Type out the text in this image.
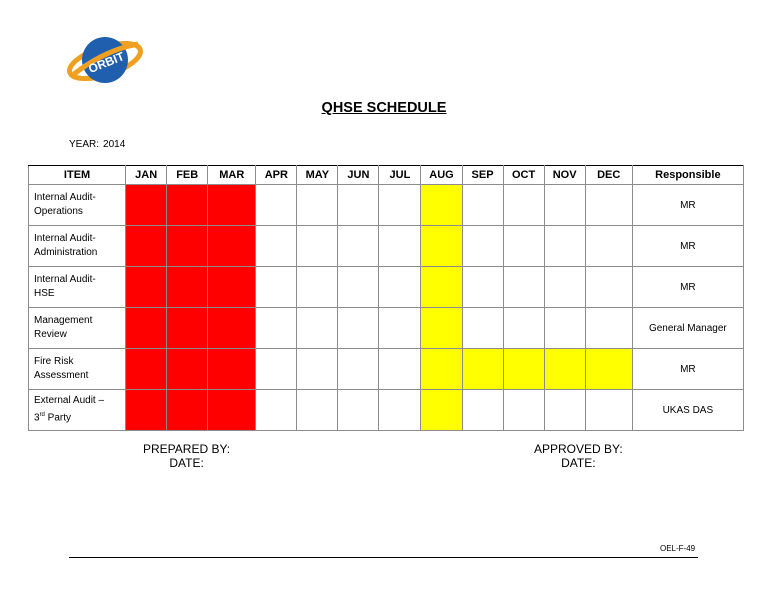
ORBIT
QHSE SCHEDULE
YEAR: 2014
ITEM	JAN	FEB	MAR	APR	MAY	JUN	JUL	AUG	SEP	OCT	NOV	DEC	Responsible

Internal Audit-
Operations													MR

Internal Audit-
Administration													MR

Internal Audit-
HSE													MR

Management
Review													General Manager

Fire Risk
Assessment													MR

External Audit –
3rd Party													UKAS DAS
PREPARED BY:
DATE:
APPROVED BY:
DATE:
OEL-F-49
